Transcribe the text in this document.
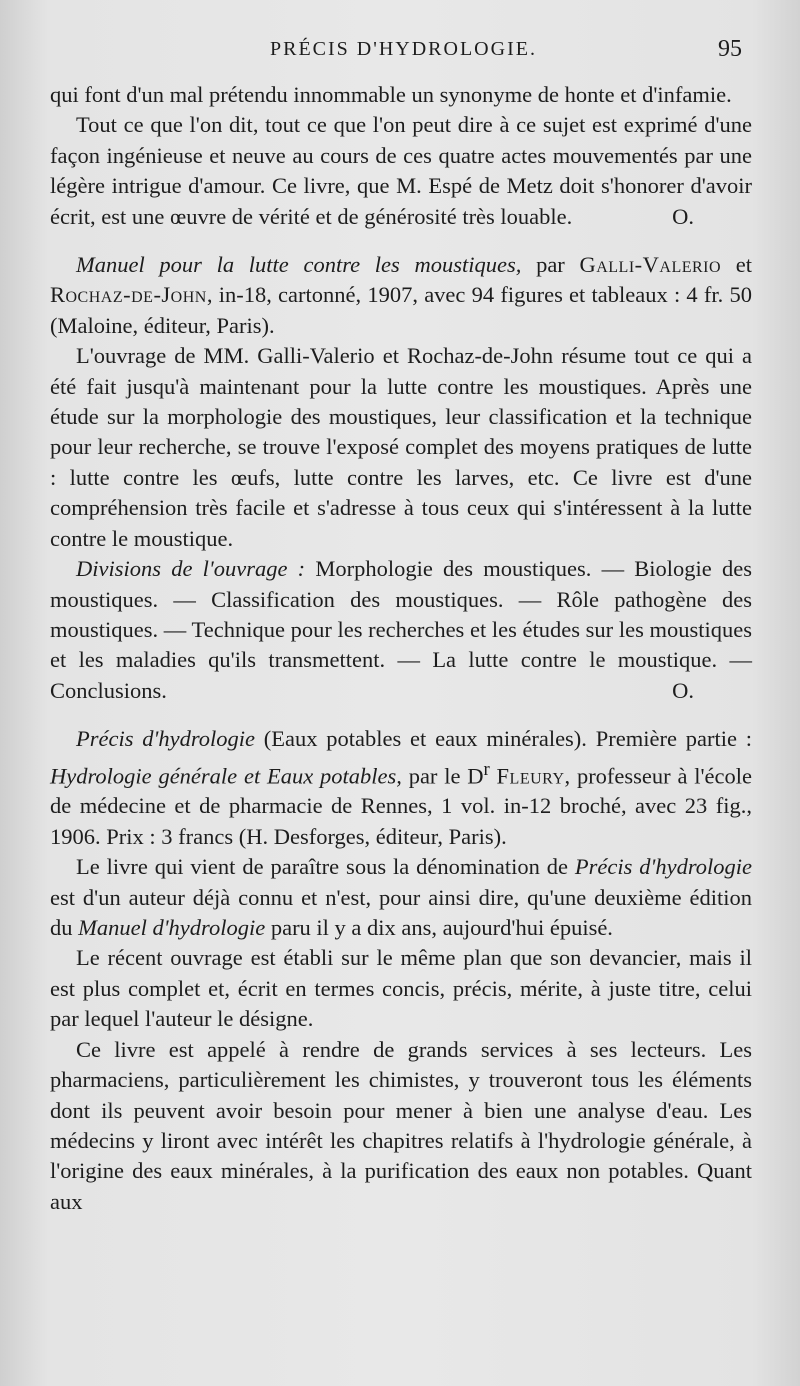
PRÉCIS D'HYDROLOGIE.	95

qui font d'un mal prétendu innommable un synonyme de honte et d'infamie.

Tout ce que l'on dit, tout ce que l'on peut dire à ce sujet est exprimé d'une façon ingénieuse et neuve au cours de ces quatre actes mouvementés par une légère intrigue d'amour. Ce livre, que M. Espé de Metz doit s'honorer d'avoir écrit, est une œuvre de vérité et de générosité très louable.	O.

Manuel pour la lutte contre les moustiques, par Galli-Valerio et Rochaz-de-John, in-18, cartonné, 1907, avec 94 figures et tableaux : 4 fr. 50 (Maloine, éditeur, Paris).

L'ouvrage de MM. Galli-Valerio et Rochaz-de-John résume tout ce qui a été fait jusqu'à maintenant pour la lutte contre les moustiques. Après une étude sur la morphologie des moustiques, leur classification et la technique pour leur recherche, se trouve l'exposé complet des moyens pratiques de lutte : lutte contre les œufs, lutte contre les larves, etc. Ce livre est d'une compréhension très facile et s'adresse à tous ceux qui s'intéressent à la lutte contre le moustique.

Divisions de l'ouvrage : Morphologie des moustiques. — Biologie des moustiques. — Classification des moustiques. — Rôle pathogène des moustiques. — Technique pour les recherches et les études sur les moustiques et les maladies qu'ils transmettent. — La lutte contre le moustique. — Conclusions.	O.

Précis d'hydrologie (Eaux potables et eaux minérales). Première partie : Hydrologie générale et Eaux potables, par le $D^r$ Fleury, professeur à l'école de médecine et de pharmacie de Rennes, 1 vol. in-12 broché, avec 23 fig., 1906. Prix : 3 francs (H. Desforges, éditeur, Paris).

Le livre qui vient de paraître sous la dénomination de Précis d'hydrologie est d'un auteur déjà connu et n'est, pour ainsi dire, qu'une deuxième édition du Manuel d'hydrologie paru il y a dix ans, aujourd'hui épuisé.

Le récent ouvrage est établi sur le même plan que son devancier, mais il est plus complet et, écrit en termes concis, précis, mérite, à juste titre, celui par lequel l'auteur le désigne.

Ce livre est appelé à rendre de grands services à ses lecteurs. Les pharmaciens, particulièrement les chimistes, y trouveront tous les éléments dont ils peuvent avoir besoin pour mener à bien une analyse d'eau. Les médecins y liront avec intérêt les chapitres relatifs à l'hydrologie générale, à l'origine des eaux minérales, à la purification des eaux non potables. Quant aux
